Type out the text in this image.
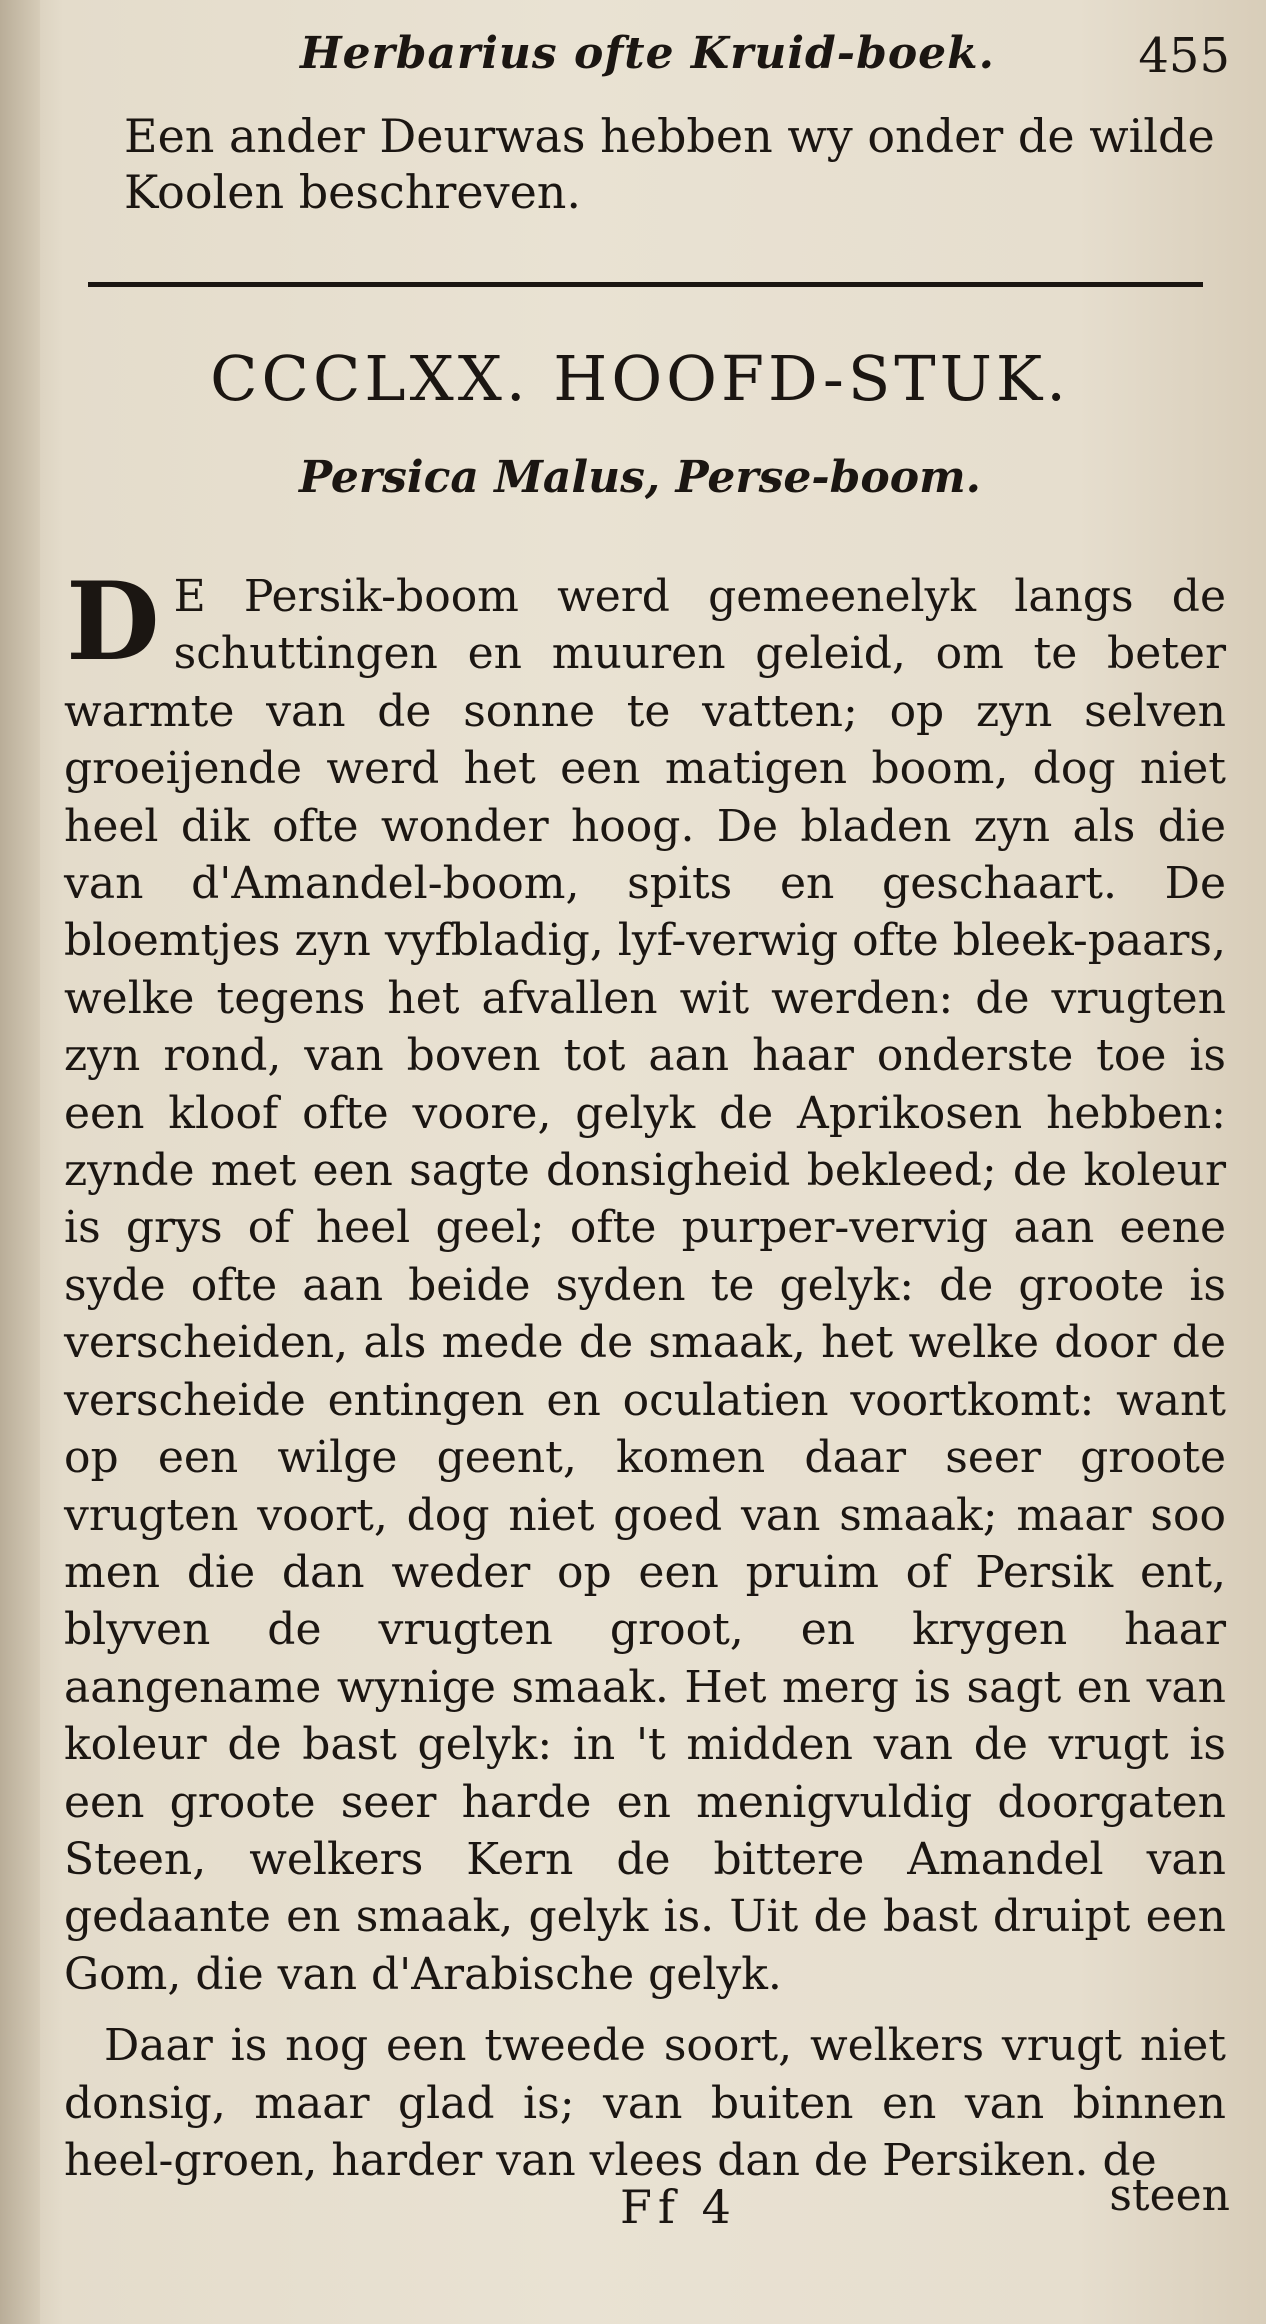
Herbarius ofte Kruid-boek.	455
Een ander Deurwas hebben wy onder de wilde Koolen beschreven.
CCCLXX. HOOFD-STUK.
Persica Malus, Perse-boom.

D E Persik-boom werd gemeenelyk langs de schuttingen en muuren geleid, om te beter warmte van de sonne te vatten; op zyn selven groeijende werd het een matigen boom, dog niet heel dik ofte wonder hoog. De bladen zyn als die van d'Amandel-boom, spits en geschaart. De bloemtjes zyn vyfbladig, lyf-verwig ofte bleek-paars, welke tegens het afvallen wit werden: de vrugten zyn rond, van boven tot aan haar onderste toe is een kloof ofte voore, gelyk de Aprikosen hebben: zynde met een sagte donsigheid bekleed; de koleur is grys of heel geel; ofte purper-vervig aan eene syde ofte aan beide syden te gelyk: de groote is verscheiden, als mede de smaak, het welke door de verscheide entingen en oculatien voortkomt: want op een wilge geent, komen daar seer groote vrugten voort, dog niet goed van smaak; maar soo men die dan weder op een pruim of Persik ent, blyven de vrugten groot, en krygen haar aangename wynige smaak. Het merg is sagt en van koleur de bast gelyk: in 't midden van de vrugt is een groote seer harde en menigvuldig doorgaten Steen, welkers Kern de bittere Amandel van gedaante en smaak, gelyk is. Uit de bast druipt een Gom, die van d'Arabische gelyk.

Daar is nog een tweede soort, welkers vrugt niet donsig, maar glad is; van buiten en van binnen heel-groen, harder van vlees dan de Persiken. de

Ff 4	steen
